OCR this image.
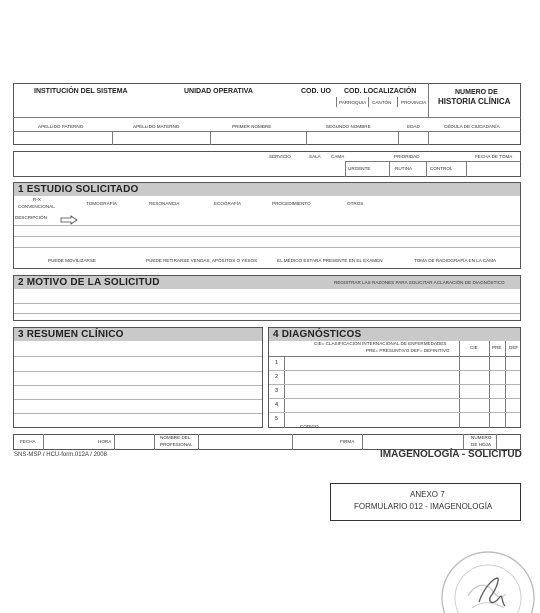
INSTITUCIÓN DEL SISTEMA	UNIDAD OPERATIVA	COD. UO COD. LOCALIZACIÓN
PARROQUIA CANTÓN PROVINCIA
NUMERO DE
HISTORIA CLÍNICA
APELLIDO PATERNO	APELLIDO MATERNO	PRIMER NOMBRE	SEGUNDO NOMBRE	EDAD	CÉDULA DE CIUDADANÍA
SERVICIO	SALA CAMA	PRIORIDAD	FECHA DE TOMA
URGENTE	RUTINA	CONTROL
1 ESTUDIO SOLICITADO
R-X
CONVENCIONAL
TOMOGRAFÍA	RESONANCIA	ECOGRAFÍA	PROCEDIMIENTO	OTROS
DESCRIPCIÓN
PUEDE MOVILIZARSE	PUEDE RETIRARSE VENDAS, APÓSITOS O YESOS	EL MÉDICO ESTARÁ PRESENTE EN EL EXAMEN	TOMA DE RADIOGRAFÍA EN LA CAMA
2 MOTIVO DE LA SOLICITUD	REGISTRAR LAS RAZONES PARA SOLICITAR ACLARACIÓN DE DIAGNÓSTICO
3 RESUMEN CLÍNICO	4 DIAGNÓSTICOS
CIE= CLASIFICACIÓN INTERNACIONAL DE ENFERMEDADES
PRE= PRESUNTIVO DEF= DEFINITIVO
CIE	PRE DEF
1
2
3
4
5
CODIGO
FECHA	HORA
NOMBRE DEL
PROFESIONAL
FIRMA
NUMERO
DE HOJA
SNS-MSP / HCU-form.012A / 2008	IMAGENOLOGÍA - SOLICITUD
ANEXO 7
FORMULARIO 012 - IMAGENOLOGÍA
